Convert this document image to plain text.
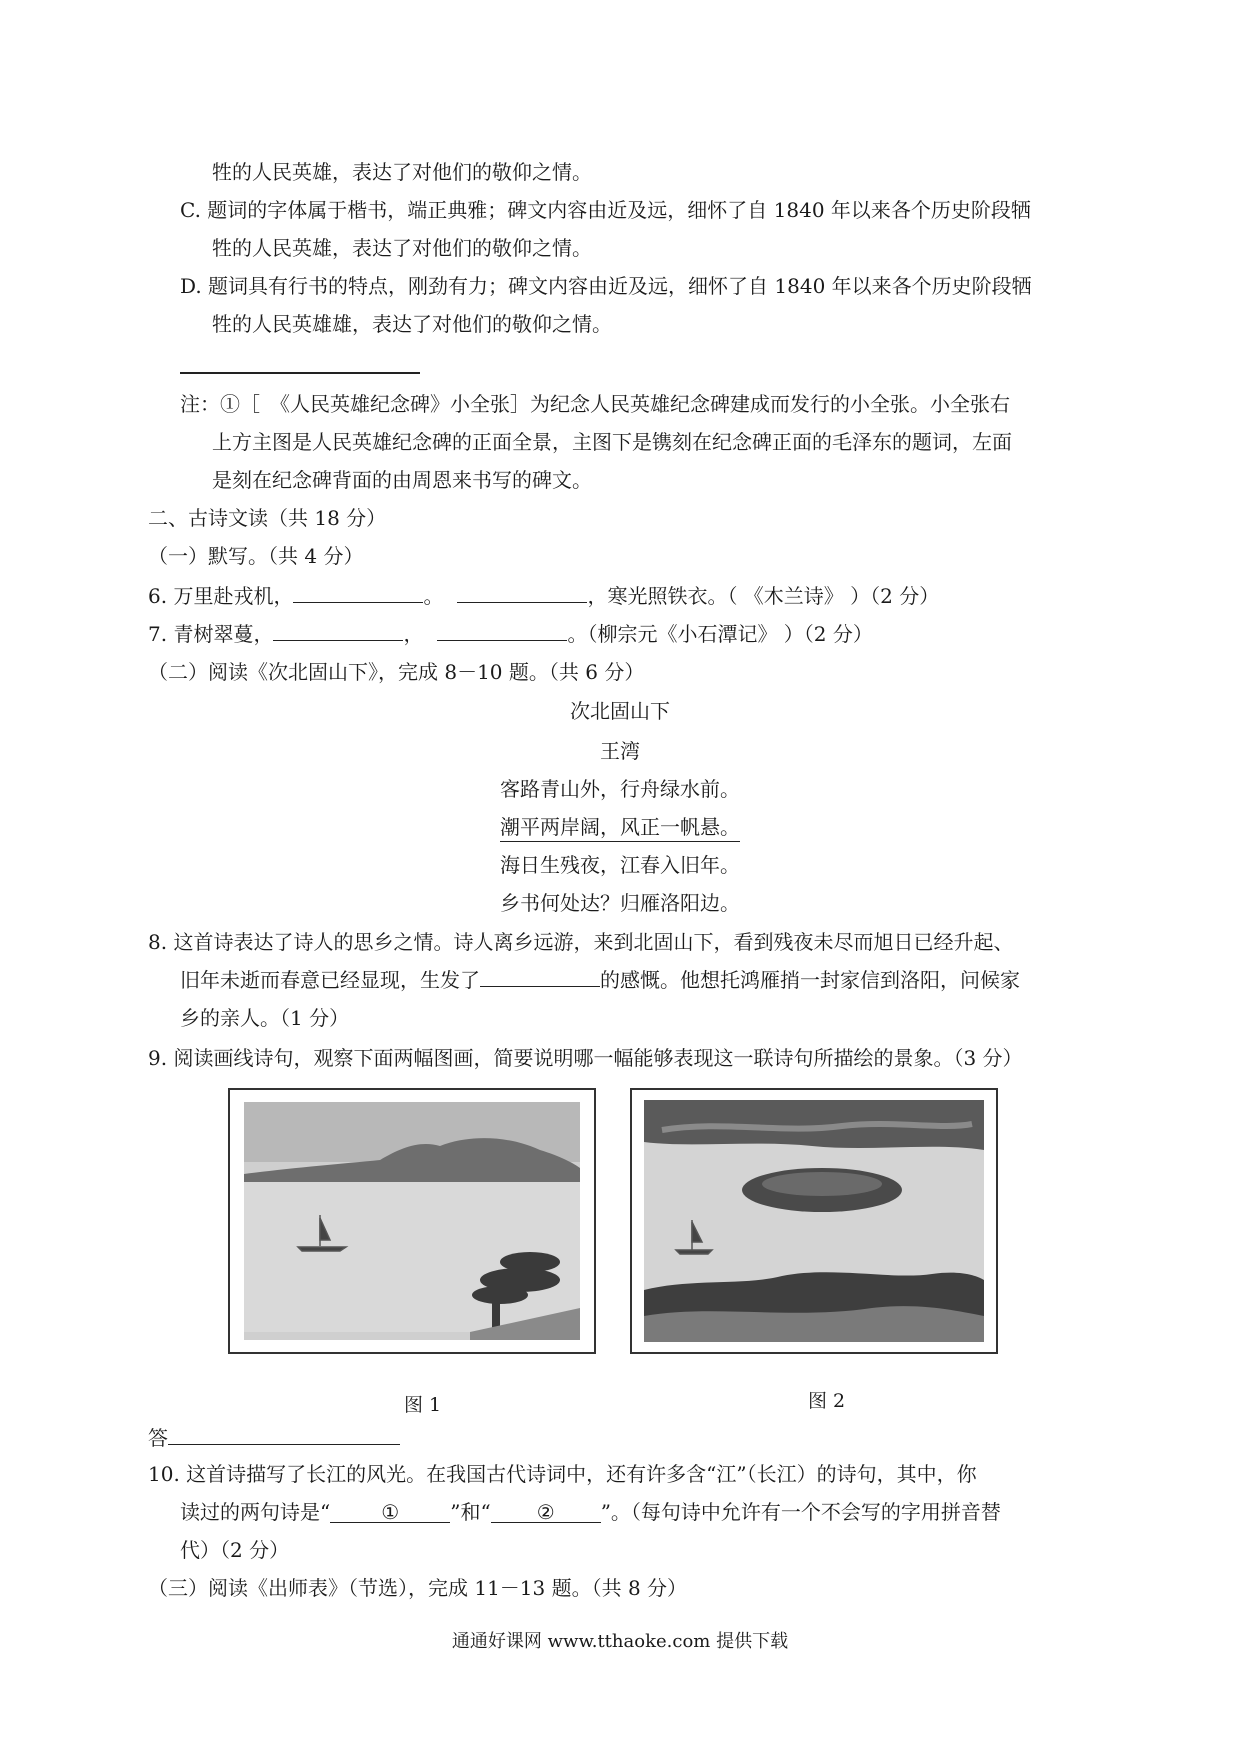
牲的人民英雄，表达了对他们的敬仰之情。
C. 题词的字体属于楷书，端正典雅；碑文内容由近及远，细怀了自 1840 年以来各个历史阶段牺
牲的人民英雄，表达了对他们的敬仰之情。
D. 题词具有行书的特点，刚劲有力；碑文内容由近及远，细怀了自 1840 年以来各个历史阶段牺
牲的人民英雄雄，表达了对他们的敬仰之情。
注：①［　《人民英雄纪念碑》小全张］为纪念人民英雄纪念碑建成而发行的小全张。小全张右
上方主图是人民英雄纪念碑的正面全景，主图下是镌刻在纪念碑正面的毛泽东的题词，左面
是刻在纪念碑背面的由周恩来书写的碑文。
二、古诗文读（共 18 分）
（一）默写。（共 4 分）
6. 万里赴戎机，	。	，寒光照铁衣。（ 《木兰诗》 ）（2 分）
7. 青树翠蔓，	，	。（柳宗元《小石潭记》 ）（2 分）
（二）阅读《次北固山下》，完成 8－10 题。（共 6 分）
次北固山下
王湾
客路青山外，行舟绿水前。
潮平两岸阔，风正一帆悬。
海日生残夜，江春入旧年。
乡书何处达？归雁洛阳边。
8. 这首诗表达了诗人的思乡之情。诗人离乡远游，来到北固山下，看到残夜未尽而旭日已经升起、
旧年未逝而春意已经显现，生发了	的感慨。他想托鸿雁捎一封家信到洛阳，问候家
乡的亲人。（1 分）
9. 阅读画线诗句，观察下面两幅图画，简要说明哪一幅能够表现这一联诗句所描绘的景象。（3 分）
图 1	图 2
答
10. 这首诗描写了长江的风光。在我国古代诗词中，还有许多含“江”（长江）的诗句，其中，你
读过的两句诗是“	①	”和“ ② ”。（每句诗中允许有一个不会写的字用拼音替
代）（2 分）
（三）阅读《出师表》（节选），完成 11－13 题。（共 8 分）
通通好课网 www.tthaoke.com 提供下载
